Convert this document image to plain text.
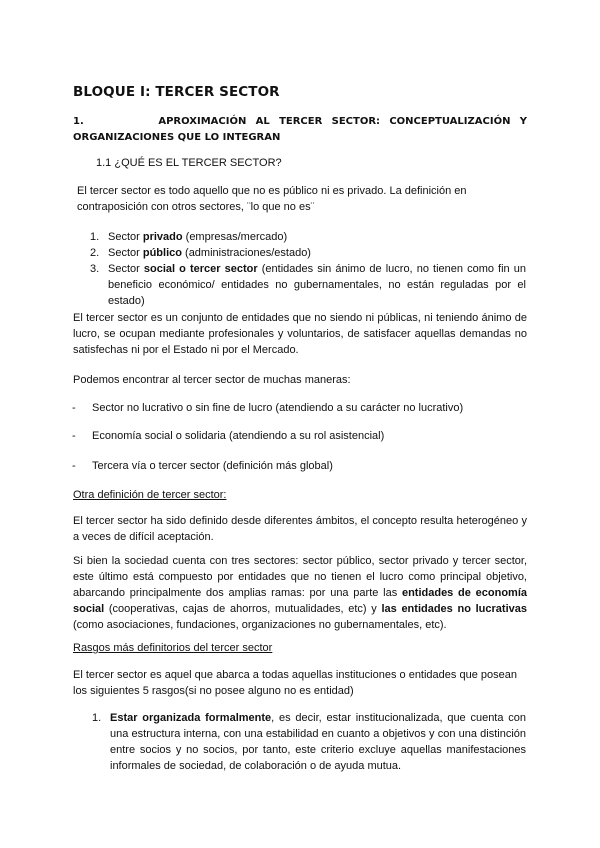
BLOQUE I: TERCER SECTOR
1.	APROXIMACIÓN AL TERCER SECTOR: CONCEPTUALIZACIÓN Y
ORGANIZACIONES QUE LO INTEGRAN
1.1 ¿QUÉ ES EL TERCER SECTOR?

El tercer sector es todo aquello que no es público ni es privado. La definición en contraposición con otros sectores, ¨lo que no es¨

1. Sector privado (empresas/mercado)
2. Sector público (administraciones/estado)
3. Sector social o tercer sector (entidades sin ánimo de lucro, no tienen como fin un beneficio económico/ entidades no gubernamentales, no están reguladas por el estado)

El tercer sector es un conjunto de entidades que no siendo ni públicas, ni teniendo ánimo de lucro, se ocupan mediante profesionales y voluntarios, de satisfacer aquellas demandas no satisfechas ni por el Estado ni por el Mercado.

Podemos encontrar al tercer sector de muchas maneras:

- Sector no lucrativo o sin fine de lucro (atendiendo a su carácter no lucrativo)
- Economía social o solidaria (atendiendo a su rol asistencial)
- Tercera vía o tercer sector (definición más global)

Otra definición de tercer sector:

El tercer sector ha sido definido desde diferentes ámbitos, el concepto resulta heterogéneo y a veces de difícil aceptación.

Si bien la sociedad cuenta con tres sectores: sector público, sector privado y tercer sector, este último está compuesto por entidades que no tienen el lucro como principal objetivo, abarcando principalmente dos amplias ramas: por una parte las entidades de economía social (cooperativas, cajas de ahorros, mutualidades, etc) y las entidades no lucrativas (como asociaciones, fundaciones, organizaciones no gubernamentales, etc).

Rasgos más definitorios del tercer sector

El tercer sector es aquel que abarca a todas aquellas instituciones o entidades que posean los siguientes 5 rasgos(si no posee alguno no es entidad)

1. Estar organizada formalmente, es decir, estar institucionalizada, que cuenta con una estructura interna, con una estabilidad en cuanto a objetivos y con una distinción entre socios y no socios, por tanto, este criterio excluye aquellas manifestaciones informales de sociedad, de colaboración o de ayuda mutua.
